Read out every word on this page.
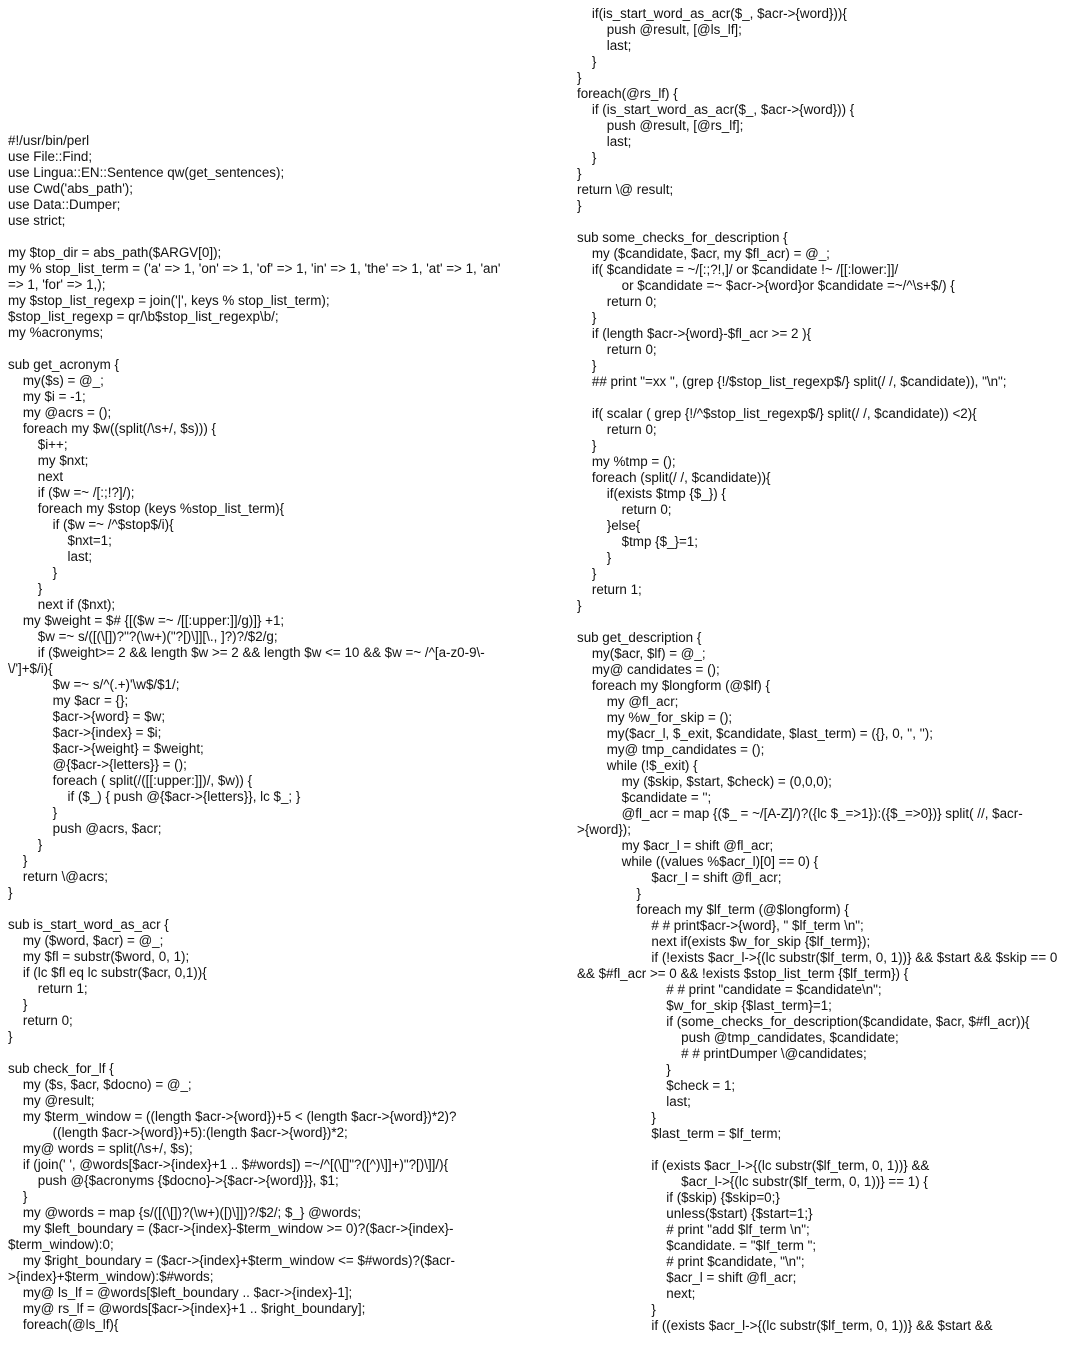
#!/usr/bin/perl
use File::Find;
use Lingua::EN::Sentence qw(get_sentences);
use Cwd('abs_path');
use Data::Dumper;
use strict;
my $top_dir = abs_path($ARGV[0]);
my % stop_list_term = ('a' => 1, 'on' => 1, 'of' => 1, 'in' => 1, 'the' => 1, 'at' => 1, 'an'
=> 1, 'for' => 1,);
my $stop_list_regexp = join('|', keys % stop_list_term);
$stop_list_regexp = qr/\b$stop_list_regexp\b/;
my %acronyms;
sub get_acronym {
my($s) = @_;
my $i = -1;
my @acrs = ();
foreach my $w((split(/\s+/, $s))) {
$i++;
my $nxt;
next
if ($w =~ /[:;!?]/);
foreach my $stop (keys %stop_list_term){
if ($w =~ /^$stop$/i){
$nxt=1;
last;
}
}
next if ($nxt);
my $weight = $# {[($w =~ /[[:upper:]]/g)]} +1;
$w =~ s/([(\[])?"?(\w+)("?[)\]][\., ]?)?/$2/g;
if ($weight>= 2 && length $w >= 2 && length $w <= 10 && $w =~ /^[a-z0-9\-
\/']+$/i){
$w =~ s/^(.+)'\w$/$1/;
my $acr = {};
$acr->{word} = $w;
$acr->{index} = $i;
$acr->{weight} = $weight;
@{$acr->{letters}} = ();
foreach ( split(/([[:upper:]])/, $w)) {
if ($_) { push @{$acr->{letters}}, lc $_; }
}
push @acrs, $acr;
}
}
return \@acrs;
}
sub is_start_word_as_acr {
my ($word, $acr) = @_;
my $fl = substr($word, 0, 1);
if (lc $fl eq lc substr($acr, 0,1)){
return 1;
}
return 0;
}
sub check_for_lf {
my ($s, $acr, $docno) = @_;
my @result;
my $term_window = ((length $acr->{word})+5 < (length $acr->{word})*2)?
((length $acr->{word})+5):(length $acr->{word})*2;
my@ words = split(/\s+/, $s);
if (join(' ', @words[$acr->{index}+1 .. $#words]) =~/^[(\[]"?([^)\]]+)"?[)\]]/){
push @{$acronyms {$docno}->{$acr->{word}}}, $1;
}
my @words = map {s/([(\[])?(\w+)([)\]])?/$2/; $_} @words;
my $left_boundary = ($acr->{index}-$term_window >= 0)?($acr->{index}-
$term_window):0;
my $right_boundary = ($acr->{index}+$term_window <= $#words)?($acr-
>{index}+$term_window):$#words;
my@ ls_lf = @words[$left_boundary .. $acr->{index}-1];
my@ rs_lf = @words[$acr->{index}+1 .. $right_boundary];
foreach(@ls_lf){
if(is_start_word_as_acr($_, $acr->{word})){
push @result, [@ls_lf];
last;
}
}
foreach(@rs_lf) {
if (is_start_word_as_acr($_, $acr->{word})) {
push @result, [@rs_lf];
last;
}
}
return \@ result;
}
sub some_checks_for_description {
my ($candidate, $acr, my $fl_acr) = @_;
if( $candidate = ~/[:;?!,]/ or $candidate !~ /[[:lower:]]/
or $candidate =~ $acr->{word}or $candidate =~/^\s+$/) {
return 0;
}
if (length $acr->{word}-$fl_acr >= 2 ){
return 0;
}
## print "=xx ", (grep {!/$stop_list_regexp$/} split(/ /, $candidate)), "\n";
if( scalar ( grep {!/^$stop_list_regexp$/} split(/ /, $candidate)) <2){
return 0;
}
my %tmp = ();
foreach (split(/ /, $candidate)){
if(exists $tmp {$_}) {
return 0;
}else{
$tmp {$_}=1;
}
}
return 1;
}
sub get_description {
my($acr, $lf) = @_;
my@ candidates = ();
foreach my $longform (@$lf) {
my @fl_acr;
my %w_for_skip = ();
my($acr_l, $_exit, $candidate, $last_term) = ({}, 0, '', '');
my@ tmp_candidates = ();
while (!$_exit) {
my ($skip, $start, $check) = (0,0,0);
$candidate = '';
@fl_acr = map {($_ = ~/[A-Z]/)?({lc $_=>1}):({$_=>0})} split( //, $acr-
>{word});
my $acr_l = shift @fl_acr;
while ((values %$acr_l)[0] == 0) {
$acr_l = shift @fl_acr;
}
foreach my $lf_term (@$longform) {
# # print$acr->{word}, " $lf_term \n";
next if(exists $w_for_skip {$lf_term});
if (!exists $acr_l->{(lc substr($lf_term, 0, 1))} && $start && $skip == 0
&& $#fl_acr >= 0 && !exists $stop_list_term {$lf_term}) {
# # print "candidate = $candidate\n";
$w_for_skip {$last_term}=1;
if (some_checks_for_description($candidate, $acr, $#fl_acr)){
push @tmp_candidates, $candidate;
# # printDumper \@candidates;
}
$check = 1;
last;
}
$last_term = $lf_term;
if (exists $acr_l->{(lc substr($lf_term, 0, 1))} &&
$acr_l->{(lc substr($lf_term, 0, 1))} == 1) {
if ($skip) {$skip=0;}
unless($start) {$start=1;}
# print "add $lf_term \n";
$candidate. = "$lf_term ";
# print $candidate, "\n";
$acr_l = shift @fl_acr;
next;
}
if ((exists $acr_l->{(lc substr($lf_term, 0, 1))} && $start &&
